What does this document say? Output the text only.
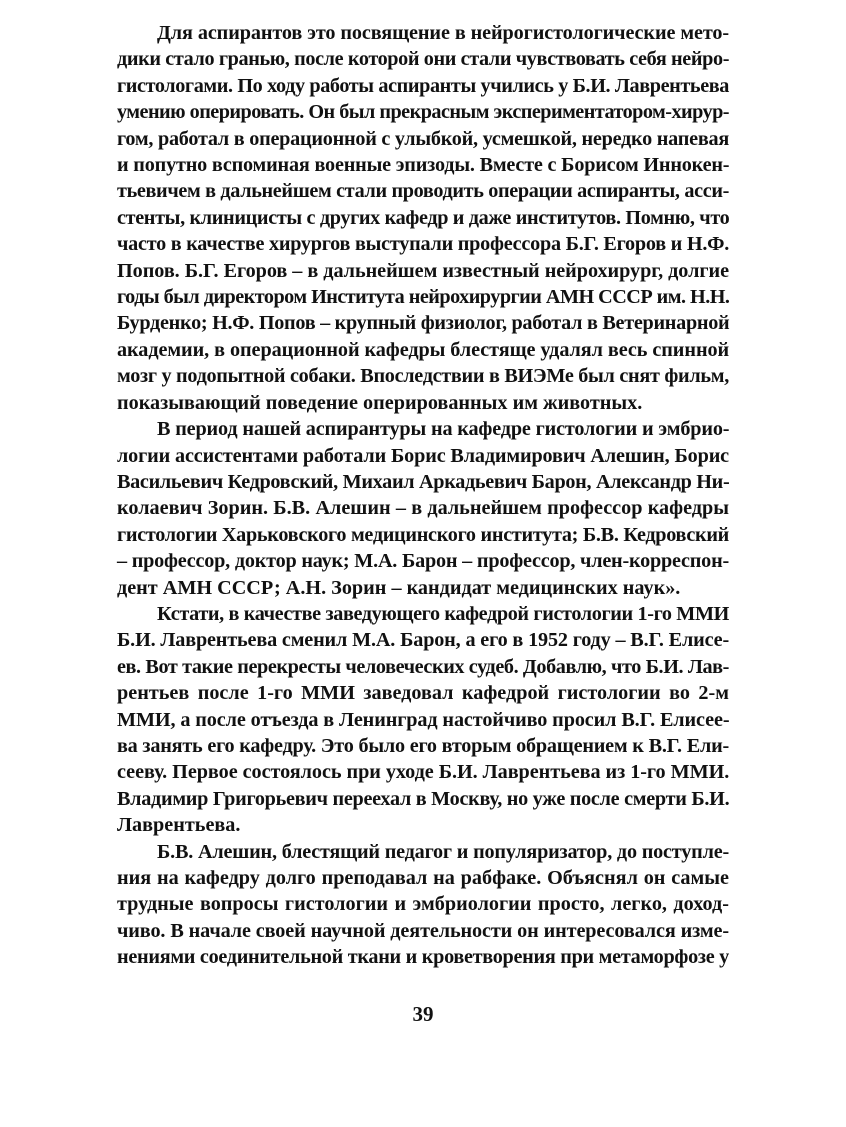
Для аспирантов это посвящение в нейрогистологические мето-
дики стало гранью, после которой они стали чувствовать себя нейро-
гистологами. По ходу работы аспиранты учились у Б.И. Лаврентьева
умению оперировать. Он был прекрасным экспериментатором-хирур-
гом, работал в операционной с улыбкой, усмешкой, нередко напевая
и попутно вспоминая военные эпизоды. Вместе с Борисом Иннокен-
тьевичем в дальнейшем стали проводить операции аспиранты, асси-
стенты, клиницисты с других кафедр и даже институтов. Помню, что
часто в качестве хирургов выступали профессора Б.Г. Егоров и Н.Ф.
Попов. Б.Г. Егоров – в дальнейшем известный нейрохирург, долгие
годы был директором Института нейрохирургии АМН СССР им. Н.Н.
Бурденко; Н.Ф. Попов – крупный физиолог, работал в Ветеринарной
академии, в операционной кафедры блестяще удалял весь спинной
мозг у подопытной собаки. Впоследствии в ВИЭМе был снят фильм,
показывающий поведение оперированных им животных.
В период нашей аспирантуры на кафедре гистологии и эмбрио-
логии ассистентами работали Борис Владимирович Алешин, Борис
Васильевич Кедровский, Михаил Аркадьевич Барон, Александр Ни-
колаевич Зорин. Б.В. Алешин – в дальнейшем профессор кафедры
гистологии Харьковского медицинского института; Б.В. Кедровский
– профессор, доктор наук; М.А. Барон – профессор, член-корреспон-
дент АМН СССР; А.Н. Зорин – кандидат медицинских наук».
Кстати, в качестве заведующего кафедрой гистологии 1-го ММИ
Б.И. Лаврентьева сменил М.А. Барон, а его в 1952 году – В.Г. Елисе-
ев. Вот такие перекресты человеческих судеб. Добавлю, что Б.И. Лав-
рентьев после 1-го ММИ заведовал кафедрой гистологии во 2-м
ММИ, а после отъезда в Ленинград настойчиво просил В.Г. Елисее-
ва занять его кафедру. Это было его вторым обращением к В.Г. Ели-
сееву. Первое состоялось при уходе Б.И. Лаврентьева из 1-го ММИ.
Владимир Григорьевич переехал в Москву, но уже после смерти Б.И.
Лаврентьева.
Б.В. Алешин, блестящий педагог и популяризатор, до поступле-
ния на кафедру долго преподавал на рабфаке. Объяснял он самые
трудные вопросы гистологии и эмбриологии просто, легко, доход-
чиво. В начале своей научной деятельности он интересовался изме-
нениями соединительной ткани и кроветворения при метаморфозе у
39
